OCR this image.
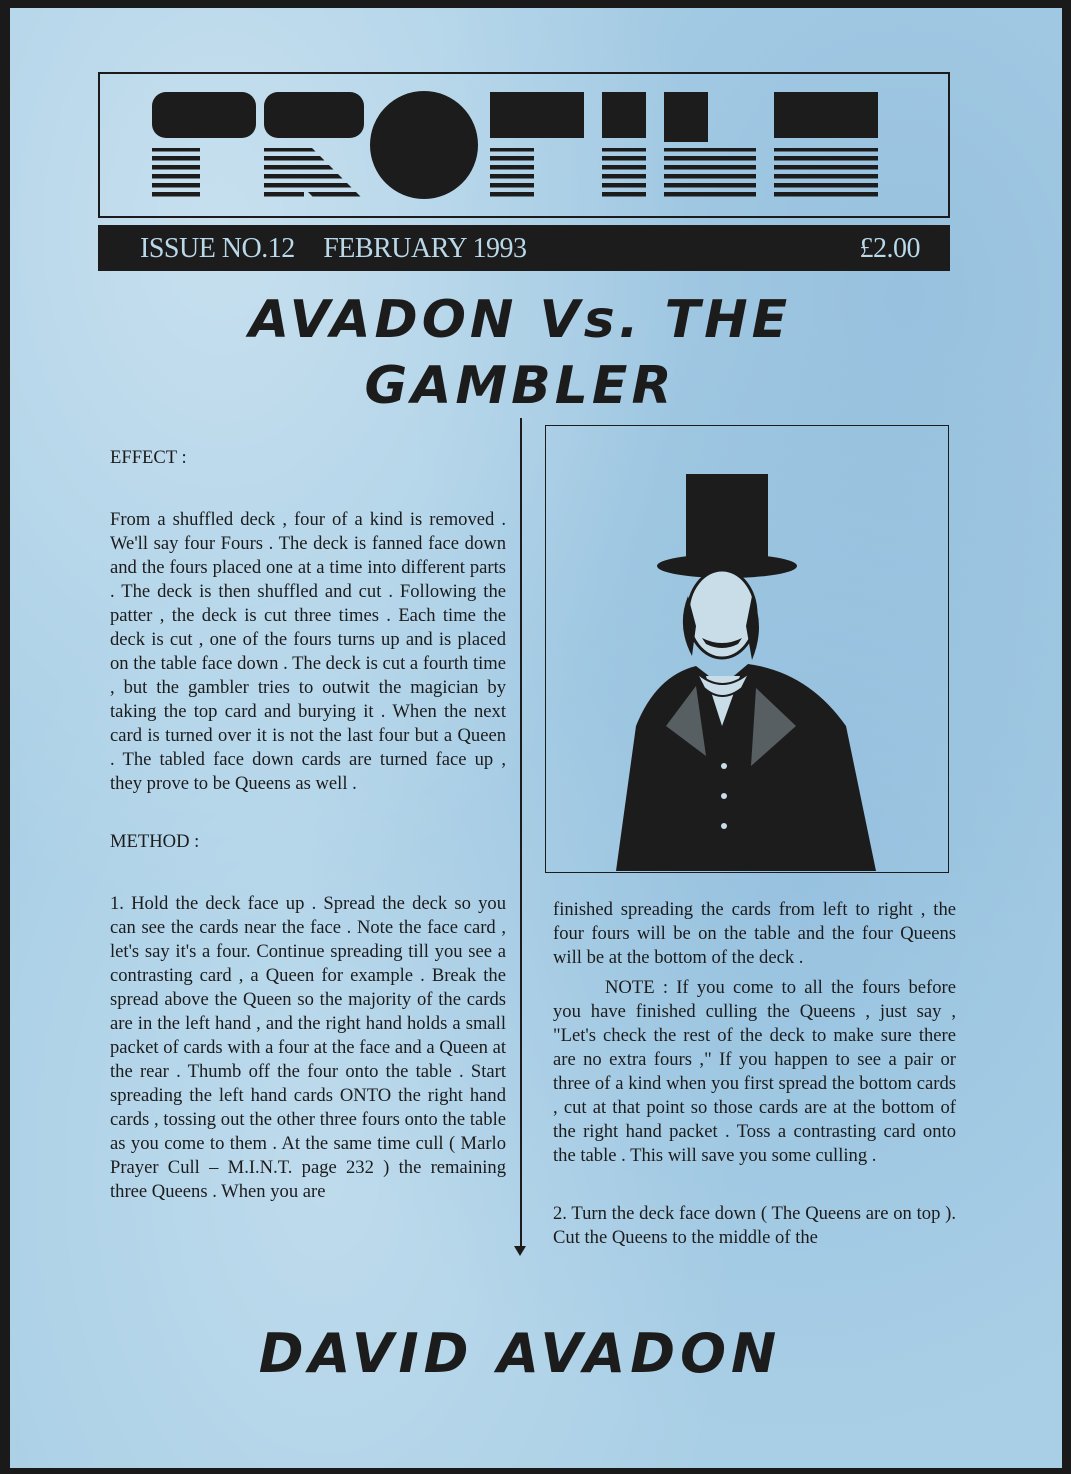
PROFILE
ISSUE NO.12 FEBRUARY 1993	£2.00
AVADON Vs. THE
GAMBLER

EFFECT :

From a shuffled deck , four of a kind is removed . We'll say four Fours . The deck is fanned face down and the fours placed one at a time into different parts . The deck is then shuffled and cut . Following the patter , the deck is cut three times . Each time the deck is cut , one of the fours turns up and is placed on the table face down . The deck is cut a fourth time , but the gambler tries to outwit the magician by taking the top card and burying it . When the next card is turned over it is not the last four but a Queen . The tabled face down cards are turned face up , they prove to be Queens as well .

METHOD :

1. Hold the deck face up . Spread the deck so you can see the cards near the face . Note the face card , let's say it's a four. Continue spreading till you see a contrasting card , a Queen for example . Break the spread above the Queen so the majority of the cards are in the left hand , and the right hand holds a small packet of cards with a four at the face and a Queen at the rear . Thumb off the four onto the table . Start spreading the left hand cards ONTO the right hand cards , tossing out the other three fours onto the table as you come to them . At the same time cull ( Marlo Prayer Cull – M.I.N.T. page 232 ) the remaining three Queens . When you are

finished spreading the cards from left to right , the four fours will be on the table and the four Queens will be at the bottom of the deck .

NOTE : If you come to all the fours before you have finished culling the Queens , just say , "Let's check the rest of the deck to make sure there are no extra fours ," If you happen to see a pair or three of a kind when you first spread the bottom cards , cut at that point so those cards are at the bottom of the right hand packet . Toss a contrasting card onto the table . This will save you some culling .

2. Turn the deck face down ( The Queens are on top ). Cut the Queens to the middle of the

DAVID AVADON
